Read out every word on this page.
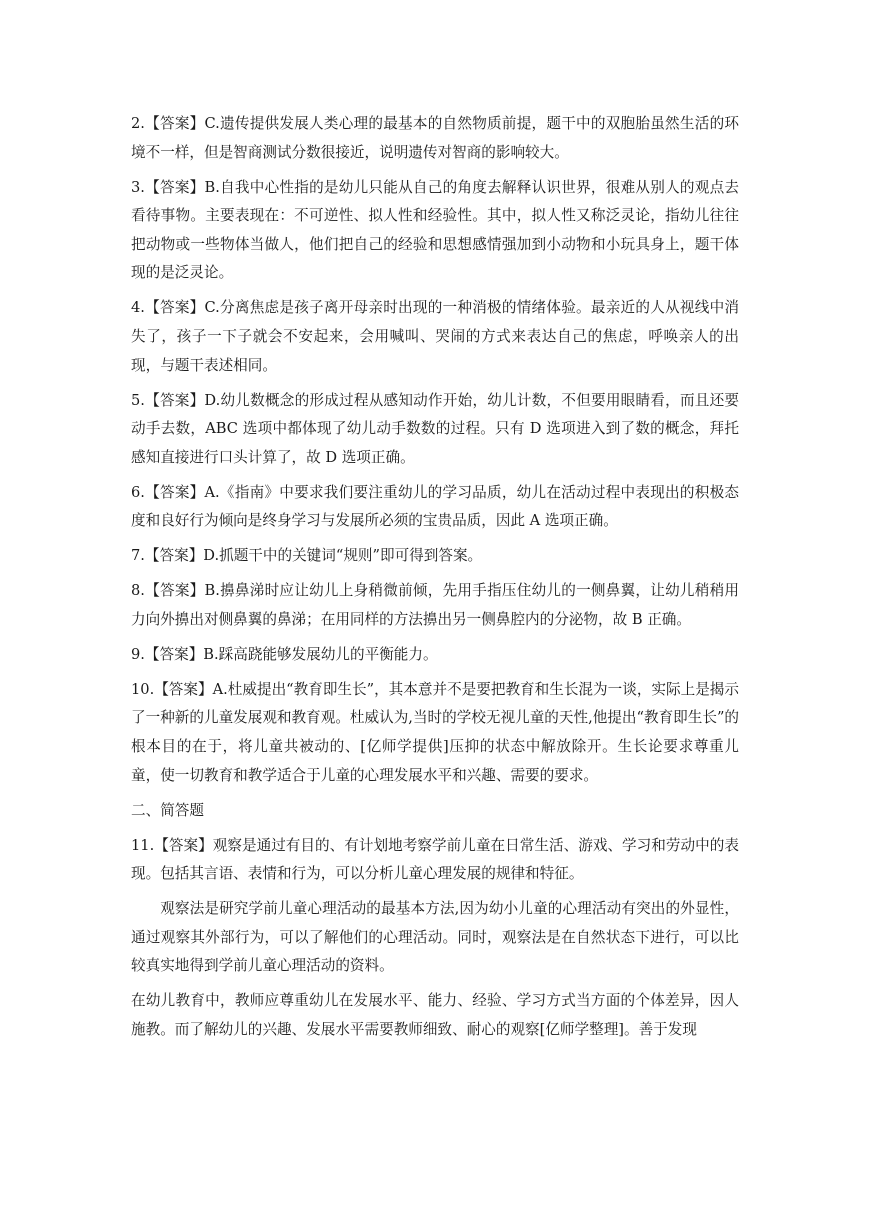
2.【答案】C.遗传提供发展人类心理的最基本的自然物质前提，题干中的双胞胎虽然生活的环境不一样，但是智商测试分数很接近，说明遗传对智商的影响较大。

3.【答案】B.自我中心性指的是幼儿只能从自己的角度去解释认识世界，很难从别人的观点去看待事物。主要表现在：不可逆性、拟人性和经验性。其中，拟人性又称泛灵论，指幼儿往往把动物或一些物体当做人，他们把自己的经验和思想感情强加到小动物和小玩具身上，题干体现的是泛灵论。

4.【答案】C.分离焦虑是孩子离开母亲时出现的一种消极的情绪体验。最亲近的人从视线中消失了，孩子一下子就会不安起来，会用喊叫、哭闹的方式来表达自己的焦虑，呼唤亲人的出现，与题干表述相同。

5.【答案】D.幼儿数概念的形成过程从感知动作开始，幼儿计数，不但要用眼睛看，而且还要动手去数，ABC 选项中都体现了幼儿动手数数的过程。只有 D 选项进入到了数的概念，拜托感知直接进行口头计算了，故 D 选项正确。

6.【答案】A.《指南》中要求我们要注重幼儿的学习品质，幼儿在活动过程中表现出的积极态度和良好行为倾向是终身学习与发展所必须的宝贵品质，因此 A 选项正确。

7.【答案】D.抓题干中的关键词“规则”即可得到答案。

8.【答案】B.擤鼻涕时应让幼儿上身稍微前倾，先用手指压住幼儿的一侧鼻翼，让幼儿稍稍用力向外擤出对侧鼻翼的鼻涕；在用同样的方法擤出另一侧鼻腔内的分泌物，故 B 正确。

9.【答案】B.踩高跷能够发展幼儿的平衡能力。

10.【答案】A.杜威提出“教育即生长”，其本意并不是要把教育和生长混为一谈，实际上是揭示了一种新的儿童发展观和教育观。杜威认为,当时的学校无视儿童的天性,他提出“教育即生长”的根本目的在于，将儿童共被动的、[亿师学提供]压抑的状态中解放除开。生长论要求尊重儿童，使一切教育和教学适合于儿童的心理发展水平和兴趣、需要的要求。

二、简答题

11.【答案】观察是通过有目的、有计划地考察学前儿童在日常生活、游戏、学习和劳动中的表现。包括其言语、表情和行为，可以分析儿童心理发展的规律和特征。

观察法是研究学前儿童心理活动的最基本方法,因为幼小儿童的心理活动有突出的外显性，通过观察其外部行为，可以了解他们的心理活动。同时，观察法是在自然状态下进行，可以比较真实地得到学前儿童心理活动的资料。

在幼儿教育中，教师应尊重幼儿在发展水平、能力、经验、学习方式当方面的个体差异，因人施教。而了解幼儿的兴趣、发展水平需要教师细致、耐心的观察[亿师学整理]。善于发现
